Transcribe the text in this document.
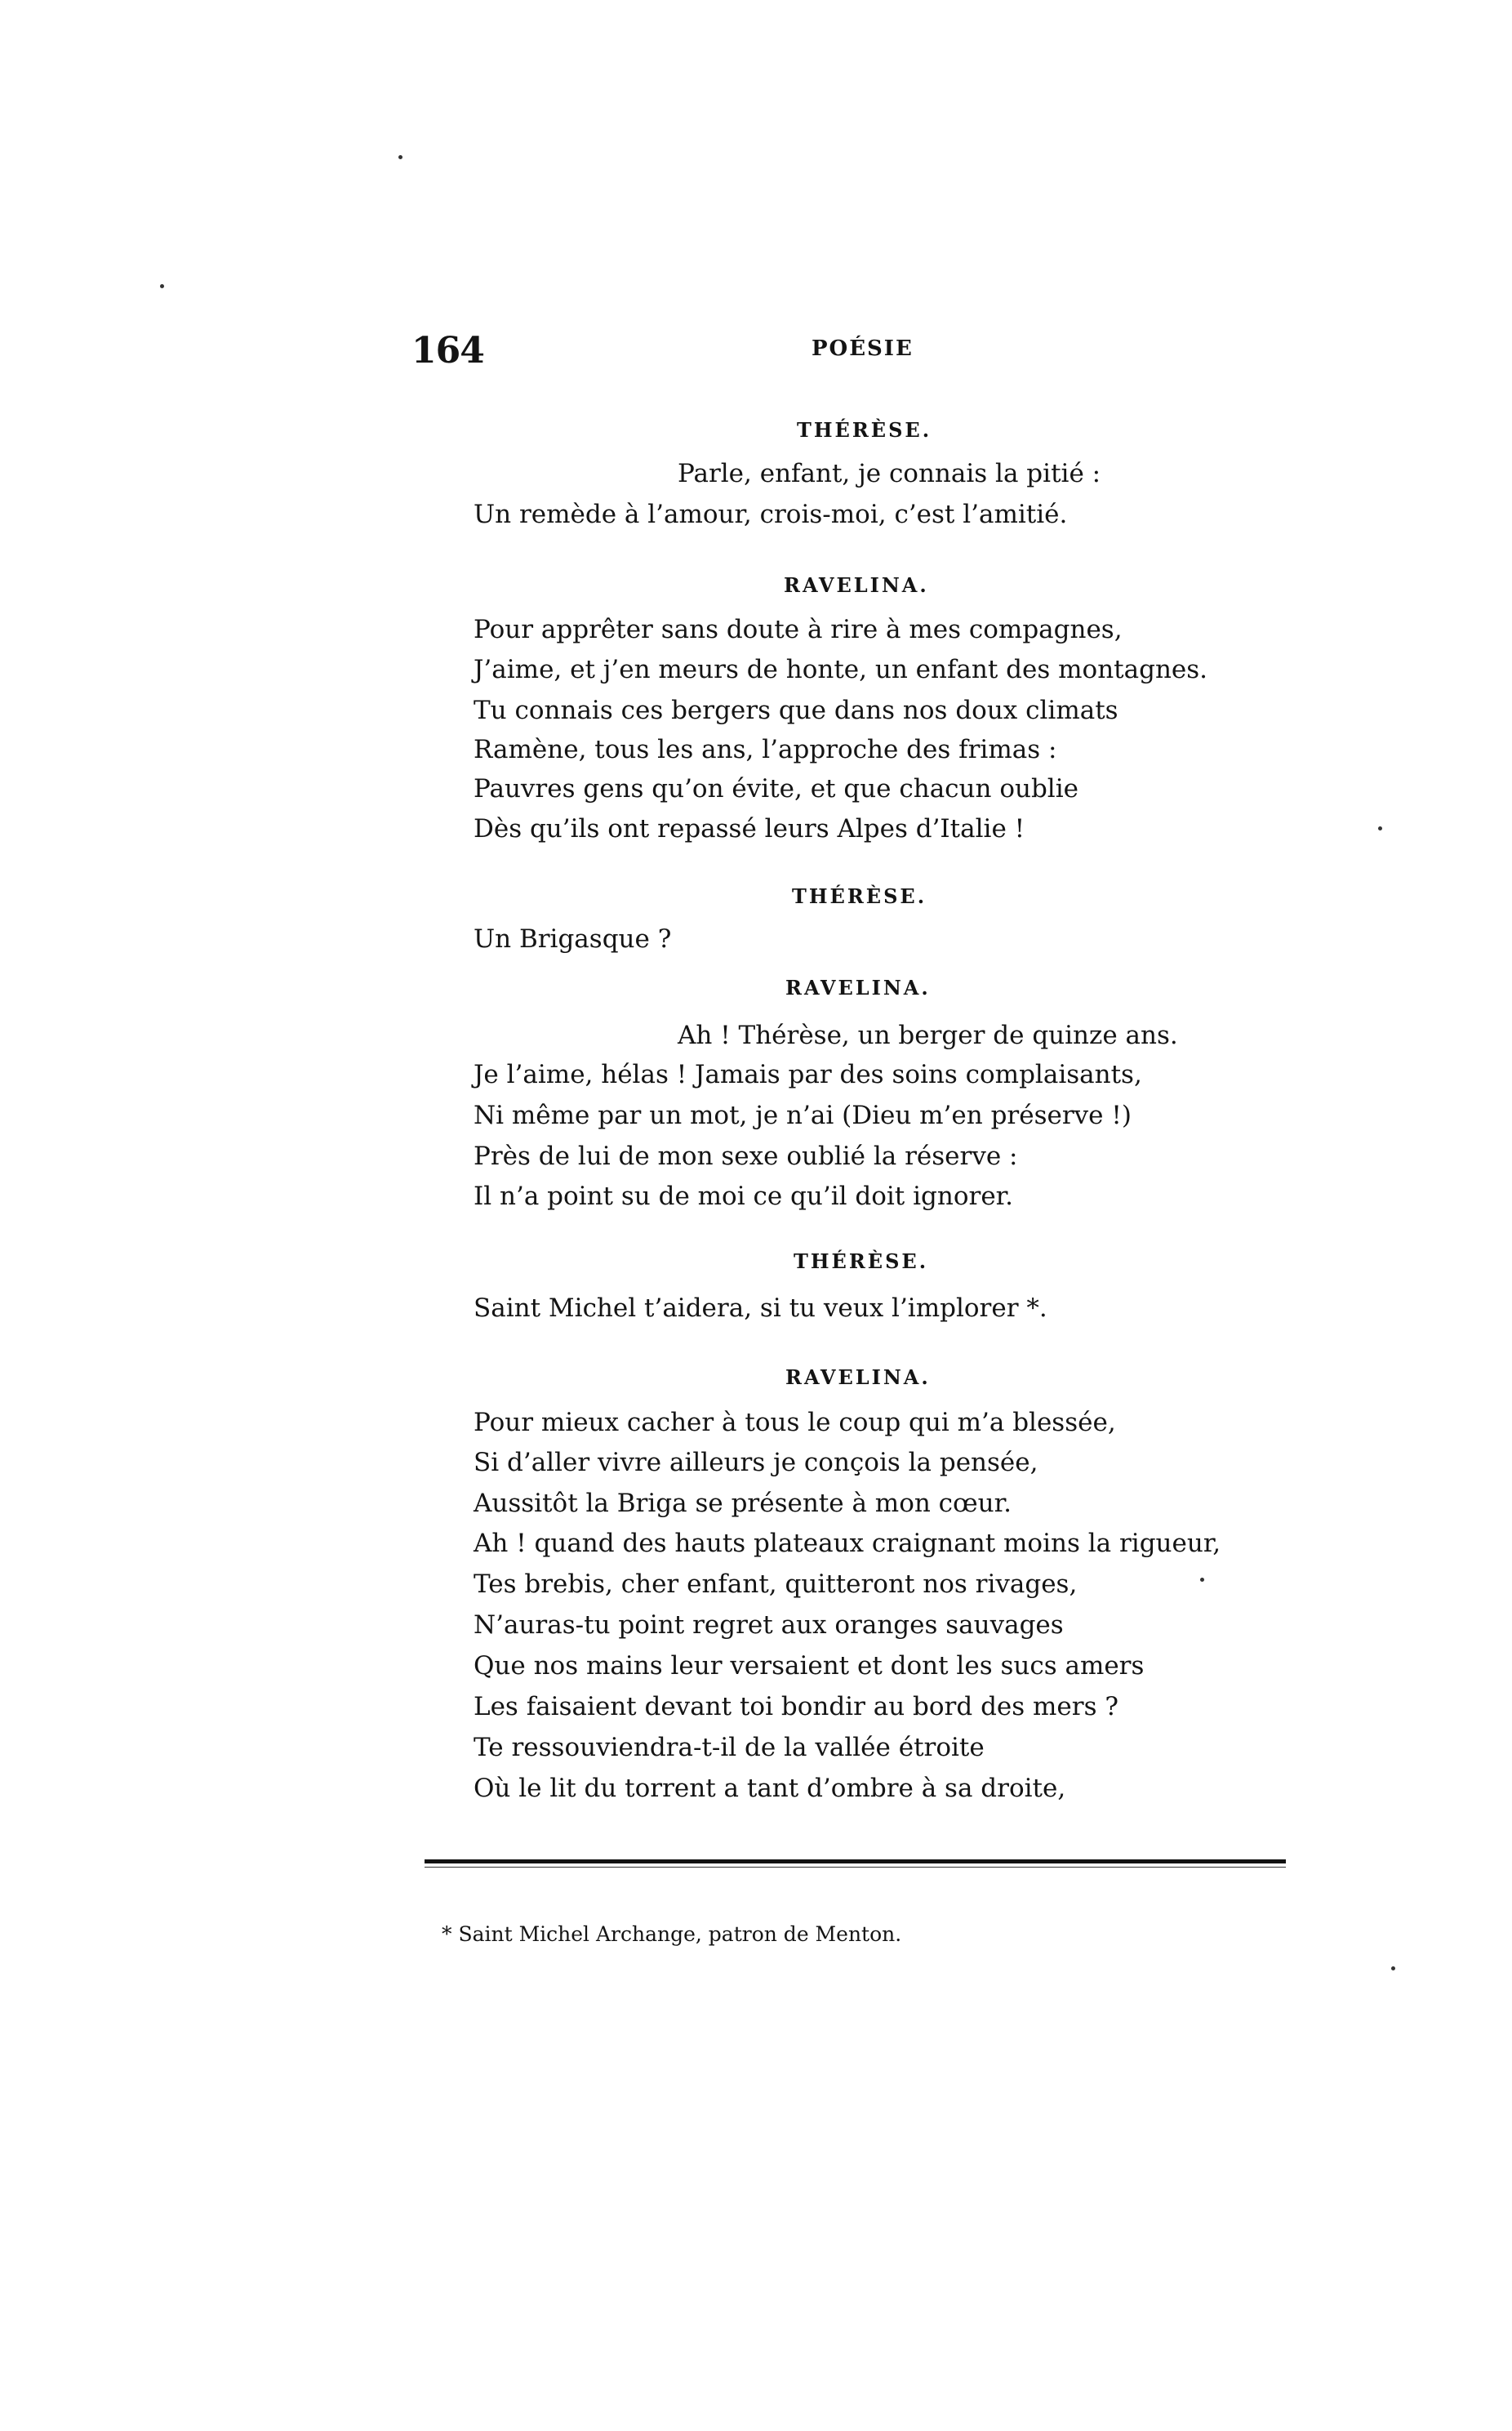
164	POÉSIE
THÉRÈSE.
Parle, enfant, je connais la pitié :
Un remède à l’amour, crois-moi, c’est l’amitié.
RAVELINA.
Pour apprêter sans doute à rire à mes compagnes,
J’aime, et j’en meurs de honte, un enfant des montagnes.
Tu connais ces bergers que dans nos doux climats
Ramène, tous les ans, l’approche des frimas :
Pauvres gens qu’on évite, et que chacun oublie
Dès qu’ils ont repassé leurs Alpes d’Italie !
THÉRÈSE.
Un Brigasque ?
RAVELINA.
Ah ! Thérèse, un berger de quinze ans.
Je l’aime, hélas ! Jamais par des soins complaisants,
Ni même par un mot, je n’ai (Dieu m’en préserve !)
Près de lui de mon sexe oublié la réserve :
Il n’a point su de moi ce qu’il doit ignorer.
THÉRÈSE.
Saint Michel t’aidera, si tu veux l’implorer *.
RAVELINA.
Pour mieux cacher à tous le coup qui m’a blessée,
Si d’aller vivre ailleurs je conçois la pensée,
Aussitôt la Briga se présente à mon cœur.
Ah ! quand des hauts plateaux craignant moins la rigueur,
Tes brebis, cher enfant, quitteront nos rivages,
N’auras-tu point regret aux oranges sauvages
Que nos mains leur versaient et dont les sucs amers
Les faisaient devant toi bondir au bord des mers ?
Te ressouviendra-t-il de la vallée étroite
Où le lit du torrent a tant d’ombre à sa droite,
* Saint Michel Archange, patron de Menton.
